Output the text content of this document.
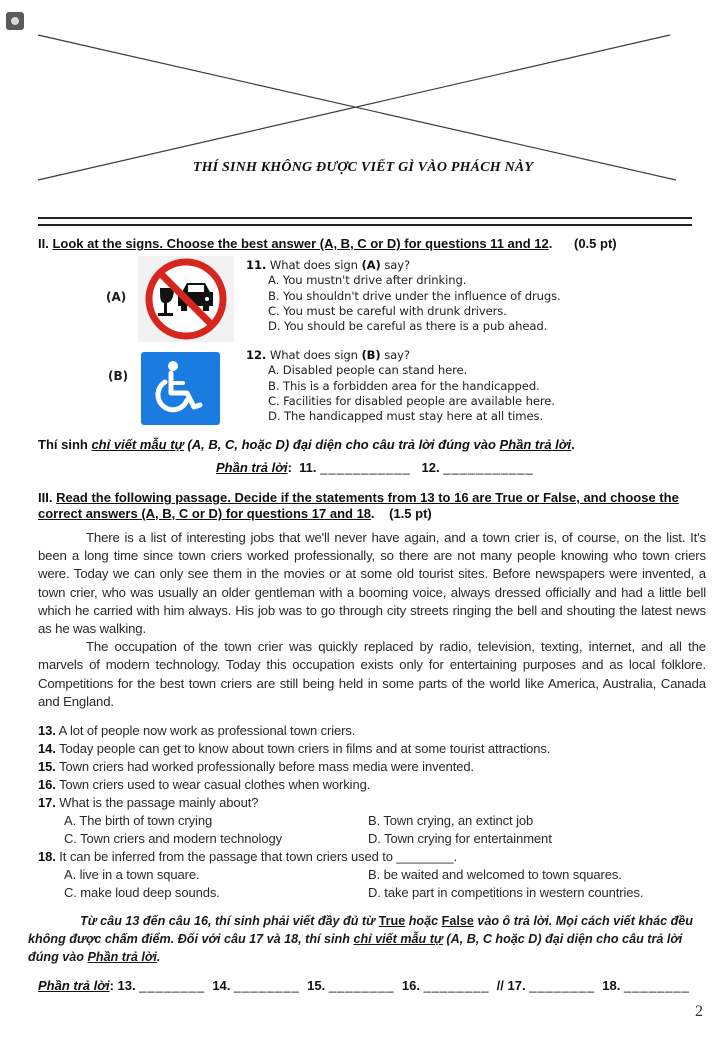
THÍ SINH KHÔNG ĐƯỢC VIẾT GÌ VÀO PHÁCH NÀY
II. Look at the signs. Choose the best answer (A, B, C or D) for questions 11 and 12. (0.5 pt)
(A)
11. What does sign (A) say?
A. You mustn't drive after drinking.
B. You shouldn't drive under the influence of drugs.
C. You must be careful with drunk drivers.
D. You should be careful as there is a pub ahead.
(B)
12. What does sign (B) say?
A. Disabled people can stand here.
B. This is a forbidden area for the handicapped.
C. Facilities for disabled people are available here.
D. The handicapped must stay here at all times.
Thí sinh chỉ viết mẫu tự (A, B, C, hoặc D) đại diện cho câu trả lời đúng vào Phần trả lời.
Phần trả lời: 11. ___________ 12. ___________
III. Read the following passage. Decide if the statements from 13 to 16 are True or False, and choose the correct answers (A, B, C or D) for questions 17 and 18. (1.5 pt)

There is a list of interesting jobs that we'll never have again, and a town crier is, of course, on the list. It's been a long time since town criers worked professionally, so there are not many people knowing who town criers were. Today we can only see them in the movies or at some old tourist sites. Before newspapers were invented, a town crier, who was usually an older gentleman with a booming voice, always dressed officially and had a little bell which he carried with him always. His job was to go through city streets ringing the bell and shouting the latest news as he was walking.

The occupation of the town crier was quickly replaced by radio, television, texting, internet, and all the marvels of modern technology. Today this occupation exists only for entertaining purposes and as local folklore. Competitions for the best town criers are still being held in some parts of the world like America, Australia, Canada and England.

13. A lot of people now work as professional town criers.
14. Today people can get to know about town criers in films and at some tourist attractions.
15. Town criers had worked professionally before mass media were invented.
16. Town criers used to wear casual clothes when working.
17. What is the passage mainly about?
A. The birth of town crying	B. Town crying, an extinct job
C. Town criers and modern technology	D. Town crying for entertainment
18. It can be inferred from the passage that town criers used to ________.
A. live in a town square.	B. be waited and welcomed to town squares.
C. make loud deep sounds.	D. take part in competitions in western countries.
Từ câu 13 đến câu 16, thí sinh phải viết đầy đủ từ True hoặc False vào ô trả lời. Mọi cách viết khác đều không được chấm điểm. Đối với câu 17 và 18, thí sinh chỉ viết mẫu tự (A, B, C hoặc D) đại diện cho câu trả lời đúng vào Phần trả lời.
Phần trả lời: 13. ________ 14. ________ 15. ________ 16. ________ // 17. ________ 18. ________
2
